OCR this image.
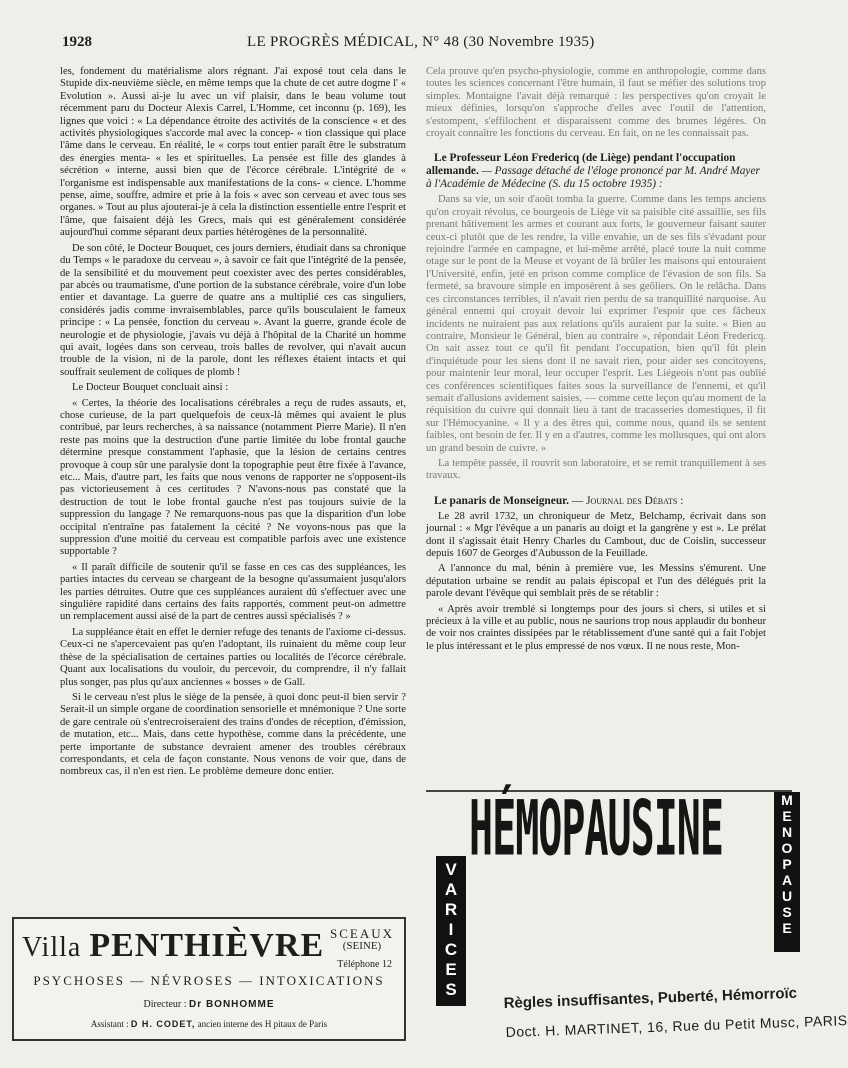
1928	LE PROGRÈS MÉDICAL, N° 48 (30 Novembre 1935)

les, fondement du matérialisme alors régnant. J'ai exposé tout cela dans le Stupide dix-neuvième siècle, en même temps que la chute de cet autre dogme l' « Evolution ». Aussi ai-je lu avec un vif plaisir, dans le beau volume tout récemment paru du Docteur Alexis Carrel, L'Homme, cet inconnu (p. 169), les lignes que voici : « La dépendance étroite des activités de la conscience « et des activités physiologiques s'accorde mal avec la concep- « tion classique qui place l'âme dans le cerveau. En réalité, le « corps tout entier paraît être le substratum des énergies menta- « les et spirituelles. La pensée est fille des glandes à sécrétion « interne, aussi bien que de l'écorce cérébrale. L'intégrité de « l'organisme est indispensable aux manifestations de la cons- « cience. L'homme pense, aime, souffre, admire et prie à la fois « avec son cerveau et avec tous ses organes. » Tout au plus ajouterai-je à cela la distinction essentielle entre l'esprit et l'âme, que faisaient déjà les Grecs, mais qui est généralement considérée aujourd'hui comme séparant deux parties hétérogènes de la personnalité.

De son côté, le Docteur Bouquet, ces jours derniers, étudiait dans sa chronique du Temps « le paradoxe du cerveau », à savoir ce fait que l'intégrité de la pensée, de la sensibilité et du mouvement peut coexister avec des pertes considérables, par abcès ou traumatisme, d'une portion de la substance cérébrale, voire d'un lobe entier et davantage. La guerre de quatre ans a multiplié ces cas singuliers, considérés jadis comme invraisemblables, parce qu'ils bousculaient le fameux principe : « La pensée, fonction du cerveau ». Avant la guerre, grande école de neurologie et de physiologie, j'avais vu déjà à l'hôpital de la Charité un homme qui avait, logées dans son cerveau, trois balles de revolver, qui n'avait aucun trouble de la vision, ni de la parole, dont les réflexes étaient intacts et qui souffrait seulement de coliques de plomb !

Le Docteur Bouquet concluait ainsi :

« Certes, la théorie des localisations cérébrales a reçu de rudes assauts, et, chose curieuse, de la part quelquefois de ceux-là mêmes qui avaient le plus contribué, par leurs recherches, à sa naissance (notamment Pierre Marie). Il n'en reste pas moins que la destruction d'une partie limitée du lobe frontal gauche détermine presque constamment l'aphasie, que la lésion de certains centres provoque à coup sûr une paralysie dont la topographie peut être fixée à l'avance, etc... Mais, d'autre part, les faits que nous venons de rapporter ne s'opposent-ils pas victorieusement à ces certitudes ? N'avons-nous pas constaté que la destruction de tout le lobe frontal gauche n'est pas toujours suivie de la suppression du langage ? Ne remarquons-nous pas que la disparition d'un lobe occipital n'entraîne pas fatalement la cécité ? Ne voyons-nous pas que la suppression d'une moitié du cerveau est compatible parfois avec une existence supportable ?

« Il paraît difficile de soutenir qu'il se fasse en ces cas des suppléances, les parties intactes du cerveau se chargeant de la besogne qu'assumaient jusqu'alors les parties détruites. Outre que ces suppléances auraient dû s'effectuer avec une singulière rapidité dans certains des faits rapportés, comment peut-on admettre un remplacement aussi aisé de la part de centres aussi spécialisés ? »

La suppléance était en effet le dernier refuge des tenants de l'axiome ci-dessus. Ceux-ci ne s'apercevaient pas qu'en l'adoptant, ils ruinaient du même coup leur thèse de la spécialisation de certaines parties ou localités de l'écorce cérébrale. Quant aux localisations du vouloir, du percevoir, du comprendre, il n'y fallait plus songer, pas plus qu'aux anciennes « bosses » de Gall.

Si le cerveau n'est plus le siège de la pensée, à quoi donc peut-il bien servir ? Serait-il un simple organe de coordination sensorielle et mnémonique ? Une sorte de gare centrale où s'entrecroiseraient des trains d'ondes de réception, d'émission, de mutation, etc... Mais, dans cette hypothèse, comme dans la précédente, une perte importante de substance devraient amener des troubles cérébraux correspondants, et cela de façon constante. Nous venons de voir que, dans de nombreux cas, il n'en est rien. Le problème demeure donc entier.

Cela prouve qu'en psycho-physiologie, comme en anthropologie, comme dans toutes les sciences concernant l'être humain, il faut se méfier des solutions trop simples. Montaigne l'avait déjà remarqué : les perspectives qu'on croyait le mieux définies, lorsqu'on s'approche d'elles avec l'outil de l'attention, s'estompent, s'effilochent et disparaissent comme des brumes légères. On croyait connaître les fonctions du cerveau. En fait, on ne les connaissait pas.

Le Professeur Léon Fredericq (de Liège) pendant l'occupation allemande. — Passage détaché de l'éloge prononcé par M. André Mayer à l'Académie de Médecine (S. du 15 octobre 1935) :

Dans sa vie, un soir d'août tomba la guerre. Comme dans les temps anciens qu'on croyait révolus, ce bourgeois de Liège vit sa paisible cité assaillie, ses fils prenant hâtivement les armes et courant aux forts, le gouverneur faisant sauter ceux-ci plutôt que de les rendre, la ville envahie, un de ses fils s'évadant pour rejoindre l'armée en campagne, et lui-même arrêté, placé toute la nuit comme otage sur le pont de la Meuse et voyant de là brûler les maisons qui entouraient l'Université, enfin, jeté en prison comme complice de l'évasion de son fils. Sa fermeté, sa bravoure simple en imposèrent à ses geôliers. On le relâcha. Dans ces circonstances terribles, il n'avait rien perdu de sa tranquillité narquoise. Au général ennemi qui croyait devoir lui exprimer l'espoir que ces fâcheux incidents ne nuiraient pas aux relations qu'ils auraient par la suite. « Bien au contraire, Monsieur le Général, bien au contraire », répondait Léon Fredericq. On sait assez tout ce qu'il fit pendant l'occupation, bien qu'il fût plein d'inquiétude pour les siens dont il ne savait rien, pour aider ses concitoyens, pour maintenir leur moral, leur occuper l'esprit. Les Liégeois n'ont pas oublié ces conférences scientifiques faites sous la surveillance de l'ennemi, et qu'il semait d'allusions avidement saisies, — comme cette leçon qu'au moment de la réquisition du cuivre qui donnait lieu à tant de tracasseries domestiques, il fit sur l'Hémocyanine. « Il y a des êtres qui, comme nous, quand ils se sentent faibles, ont besoin de fer. Il y en a d'autres, comme les mollusques, qui ont alors un grand besoin de cuivre. »

La tempête passée, il rouvrit son laboratoire, et se remit tranquillement à ses travaux.

Le panaris de Monseigneur. — Journal des Débats :

Le 28 avril 1732, un chroniqueur de Metz, Belchamp, écrivait dans son journal : « Mgr l'évêque a un panaris au doigt et la gangrène y est ». Le prélat dont il s'agissait était Henry Charles du Cambout, duc de Coislin, successeur depuis 1607 de Georges d'Aubusson de la Feuillade.

A l'annonce du mal, bénin à première vue, les Messins s'émurent. Une députation urbaine se rendit au palais épiscopal et l'un des délégués prit la parole devant l'évêque qui semblait près de se rétablir :

« Après avoir tremblé si longtemps pour des jours si chers, si utiles et si précieux à la ville et au public, nous ne saurions trop nous applaudir du bonheur de voir nos craintes dissipées par le rétablissement d'une santé qui a fait l'objet le plus intéressant et le plus empressé de nos vœux. Il ne nous reste, Mon-

Villa PENTHIÈVRE SCEAUX
(SEINE)
Téléphone 12
PSYCHOSES — NÉVROSES — INTOXICATIONS
Directeur : Dr BONHOMME
Assistant : D H. CODET, ancien interne des H pitaux de Paris
HÉMOPAUSINE	M
E
N
O
P
A
U
S
E
V
A
R
I
C
E
S	Règles insuffisantes, Puberté, Hémorroïc
Doct. H. MARTINET, 16, Rue du Petit Musc, PARIS
